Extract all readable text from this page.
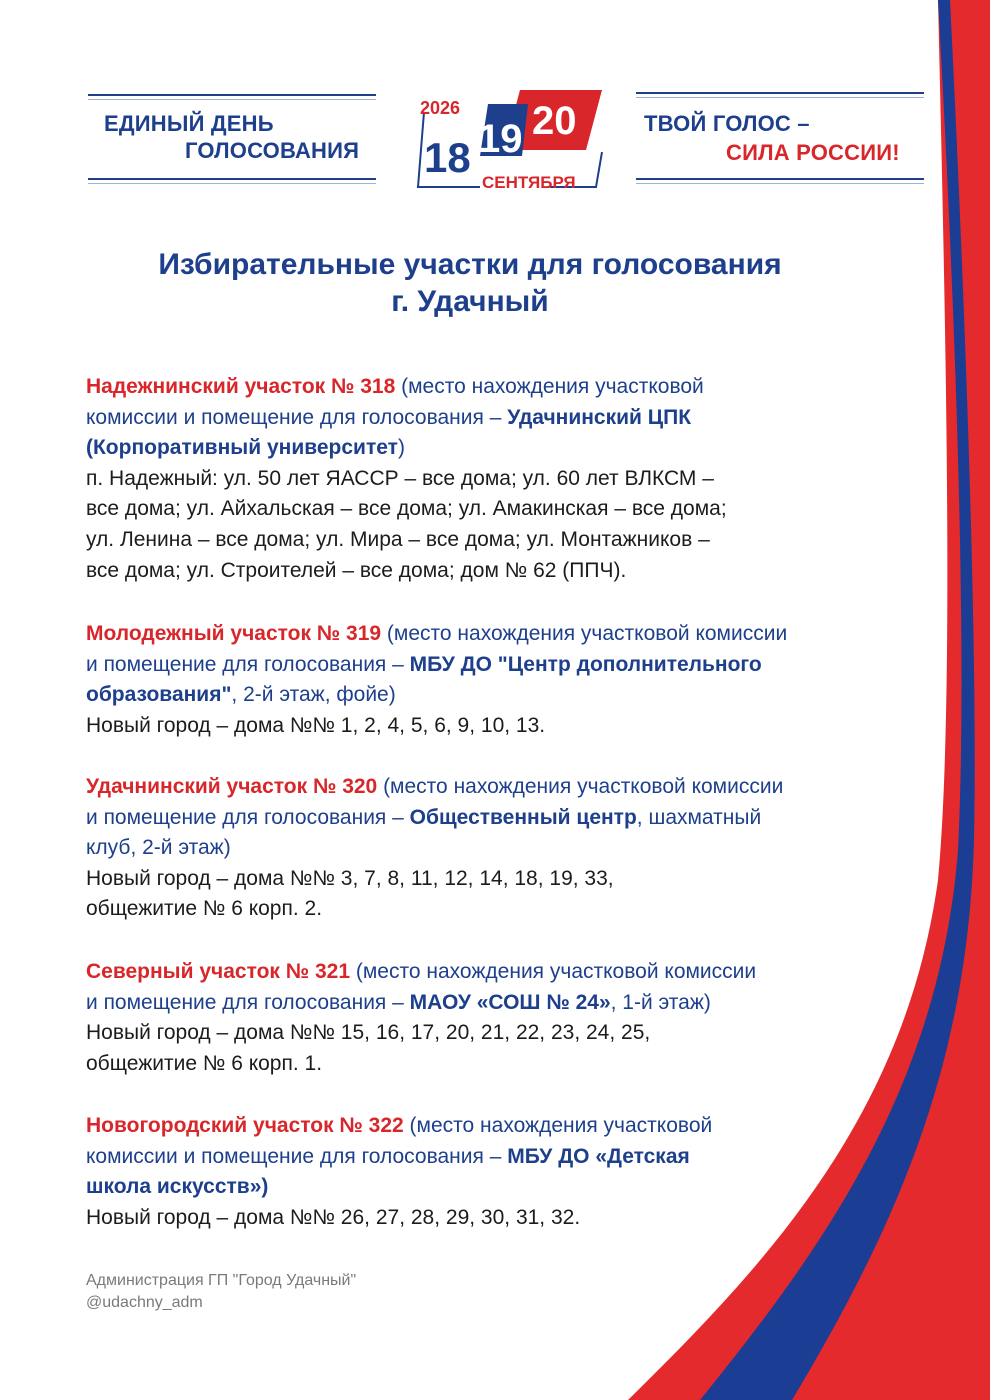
ЕДИНЫЙ ДЕНЬ
ГОЛОСОВАНИЯ
2026
18 19 20
СЕНТЯБРЯ
ТВОЙ ГОЛОС –
СИЛА РОССИИ!
Избирательные участки для голосования
г. Удачный
Надежнинский участок № 318 (место нахождения участковой
комиссии и помещение для голосования – Удачнинский ЦПК
(Корпоративный университет)
п. Надежный: ул. 50 лет ЯАССР – все дома; ул. 60 лет ВЛКСМ –
все дома; ул. Айхальская – все дома; ул. Амакинская – все дома;
ул. Ленина – все дома; ул. Мира – все дома; ул. Монтажников –
все дома; ул. Строителей – все дома; дом № 62 (ППЧ).
Молодежный участок № 319 (место нахождения участковой комиссии
и помещение для голосования – МБУ ДО "Центр дополнительного
образования", 2-й этаж, фойе)
Новый город – дома №№ 1, 2, 4, 5, 6, 9, 10, 13.
Удачнинский участок № 320 (место нахождения участковой комиссии
и помещение для голосования – Общественный центр, шахматный
клуб, 2-й этаж)
Новый город – дома №№ 3, 7, 8, 11, 12, 14, 18, 19, 33,
общежитие № 6 корп. 2.
Северный участок № 321 (место нахождения участковой комиссии
и помещение для голосования – МАОУ «СОШ № 24», 1-й этаж)
Новый город – дома №№ 15, 16, 17, 20, 21, 22, 23, 24, 25,
общежитие № 6 корп. 1.
Новогородский участок № 322 (место нахождения участковой
комиссии и помещение для голосования – МБУ ДО «Детская
школа искусств»)
Новый город – дома №№ 26, 27, 28, 29, 30, 31, 32.
Администрация ГП "Город Удачный"
@udachny_adm
